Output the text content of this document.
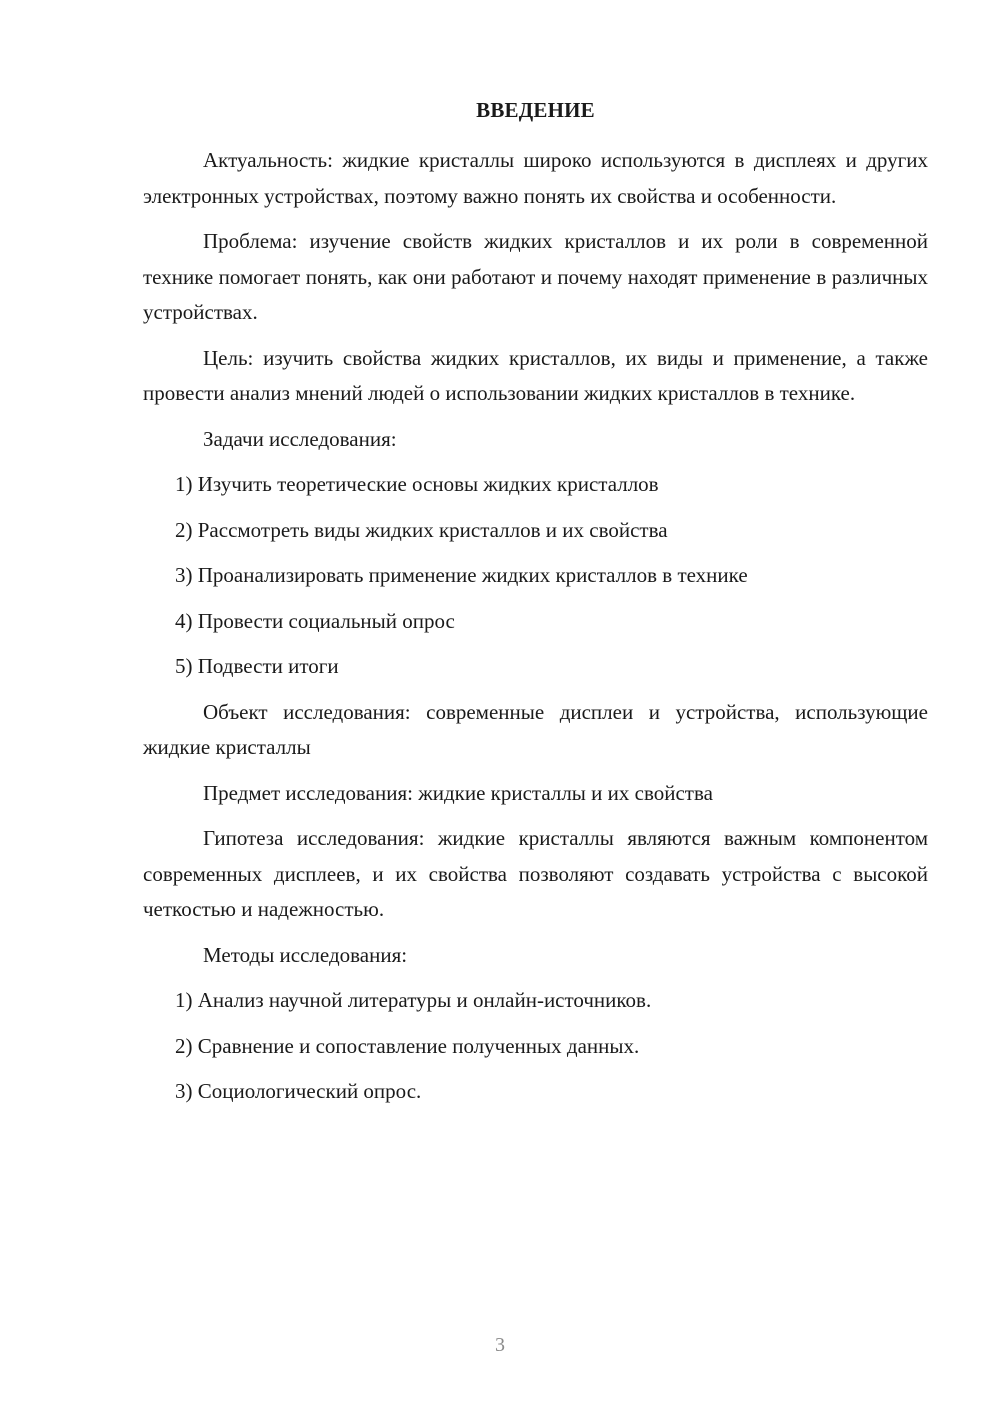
ВВЕДЕНИЕ

Актуальность: жидкие кристаллы широко используются в дисплеях и других электронных устройствах, поэтому важно понять их свойства и особенности.

Проблема: изучение свойств жидких кристаллов и их роли в современной технике помогает понять, как они работают и почему находят применение в различных устройствах.

Цель: изучить свойства жидких кристаллов, их виды и применение, а также провести анализ мнений людей о использовании жидких кристаллов в технике.

Задачи исследования:

1) Изучить теоретические основы жидких кристаллов

2) Рассмотреть виды жидких кристаллов и их свойства

3) Проанализировать применение жидких кристаллов в технике

4) Провести социальный опрос

5) Подвести итоги

Объект исследования: современные дисплеи и устройства, использующие жидкие кристаллы

Предмет исследования: жидкие кристаллы и их свойства

Гипотеза исследования: жидкие кристаллы являются важным компонентом современных дисплеев, и их свойства позволяют создавать устройства с высокой четкостью и надежностью.

Методы исследования:

1) Анализ научной литературы и онлайн-источников.

2) Сравнение и сопоставление полученных данных.

3) Социологический опрос.

3
